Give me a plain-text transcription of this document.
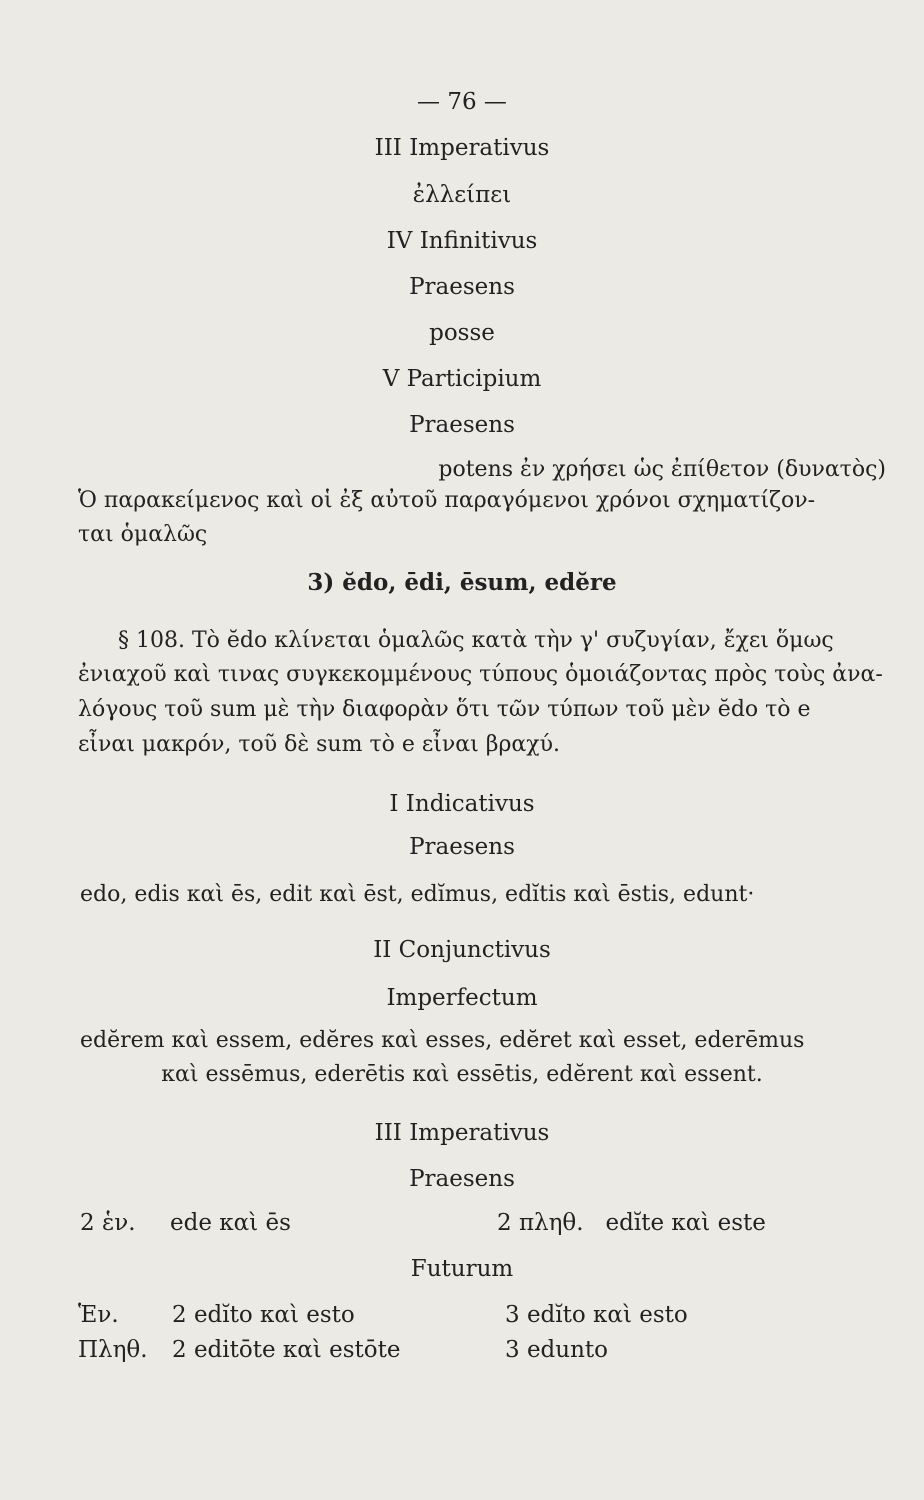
— 76 —
III Imperativus
ἐλλείπει
IV Infinitivus
Praesens
posse
V Participium
Praesens
potens ἐν χρήσει ὡς ἐπίθετον (δυνατὸς)
Ὁ παρακείμενος καὶ οἱ ἐξ αὐτοῦ παραγόμενοι χρόνοι σχηματίζον-
ται ὁμαλῶς
3) ĕdo, ēdi, ēsum, edĕre
§ 108. Τὸ ĕdo κλίνεται ὁμαλῶς κατὰ τὴν γ' συζυγίαν, ἔχει ὅμως
ἐνιαχοῦ καὶ τινας συγκεκομμένους τύπους ὁμοιάζοντας πρὸς τοὺς ἀνα-
λόγους τοῦ sum μὲ τὴν διαφορὰν ὅτι τῶν τύπων τοῦ μὲν ĕdo τὸ e
εἶναι μακρόν, τοῦ δὲ sum τὸ e εἶναι βραχύ.
I Indicativus
Praesens
edo, edis καὶ ēs, edit καὶ ēst, edĭmus, edĭtis καὶ ēstis, edunt·
II Conjunctivus
Imperfectum
edĕrem καὶ essem, edĕres καὶ esses, edĕret καὶ esset, ederēmus
καὶ essēmus, ederētis καὶ essētis, edĕrent καὶ essent.
III Imperativus
Praesens
2 ἑν. ede καὶ ēs	2 πληθ.   edĭte καὶ este
Futurum
Ἑν. 2 edĭto καὶ esto	3 edĭto καὶ esto
Πληθ. 2 editōte καὶ estōte	3 edunto
